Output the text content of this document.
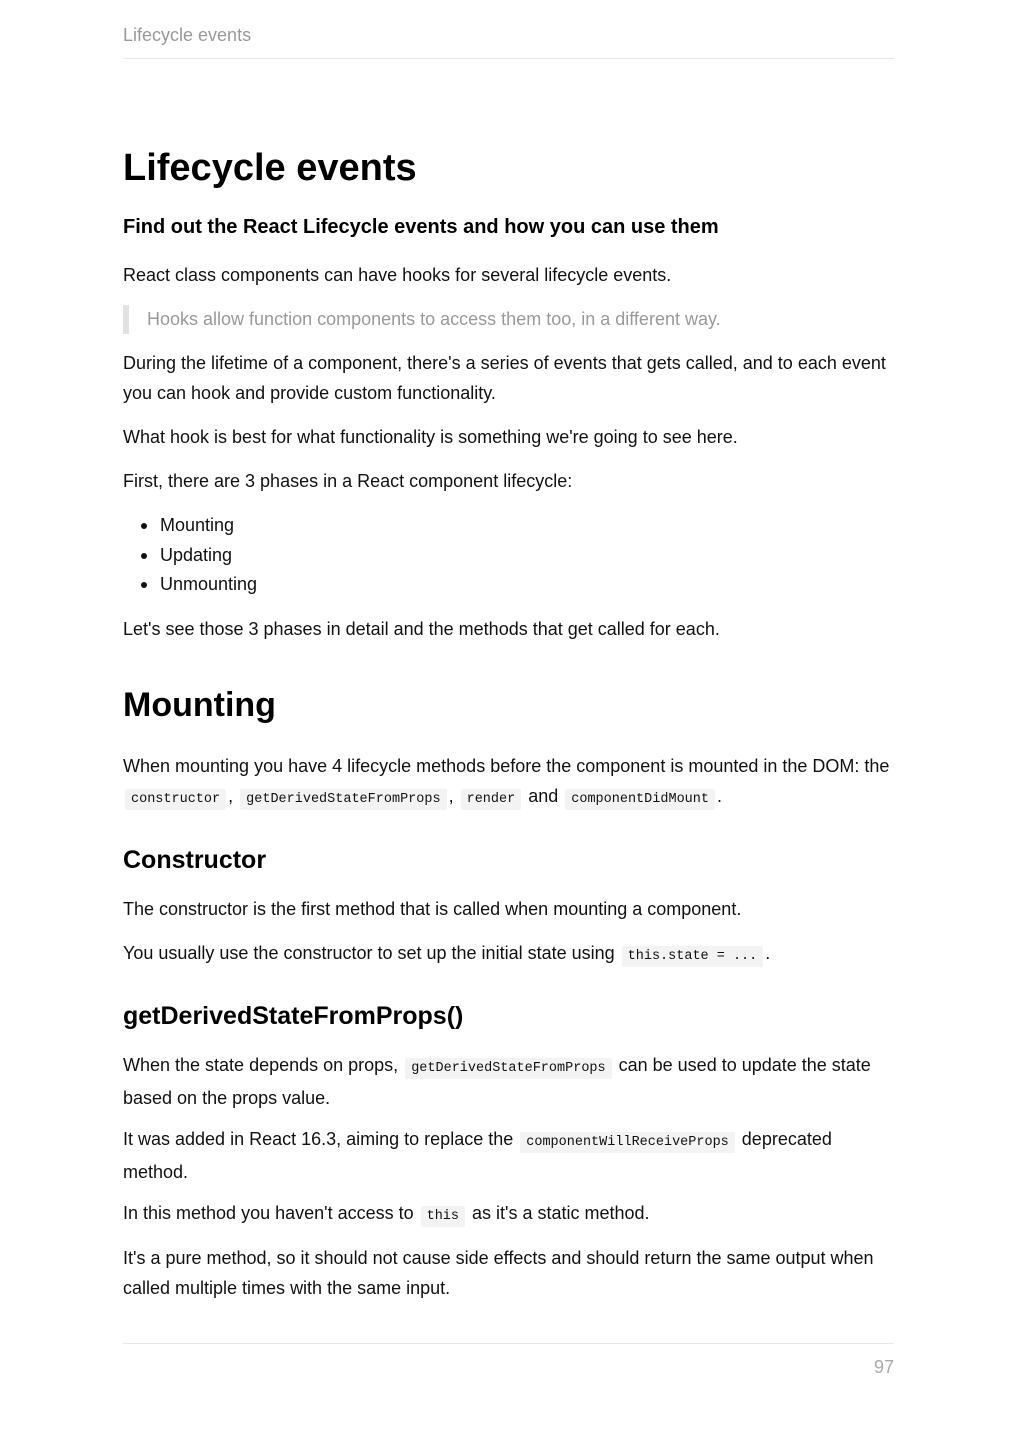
Lifecycle events
Lifecycle events
Find out the React Lifecycle events and how you can use them
React class components can have hooks for several lifecycle events.
Hooks allow function components to access them too, in a different way.
During the lifetime of a component, there's a series of events that gets called, and to each event you can hook and provide custom functionality.
What hook is best for what functionality is something we're going to see here.
First, there are 3 phases in a React component lifecycle:
Mounting
Updating
Unmounting
Let's see those 3 phases in detail and the methods that get called for each.
Mounting
When mounting you have 4 lifecycle methods before the component is mounted in the DOM: the constructor , getDerivedStateFromProps , render and componentDidMount .
Constructor
The constructor is the first method that is called when mounting a component.
You usually use the constructor to set up the initial state using this.state = ... .
getDerivedStateFromProps()
When the state depends on props, getDerivedStateFromProps can be used to update the state based on the props value.
It was added in React 16.3, aiming to replace the componentWillReceiveProps deprecated method.
In this method you haven't access to this as it's a static method.
It's a pure method, so it should not cause side effects and should return the same output when called multiple times with the same input.
97
